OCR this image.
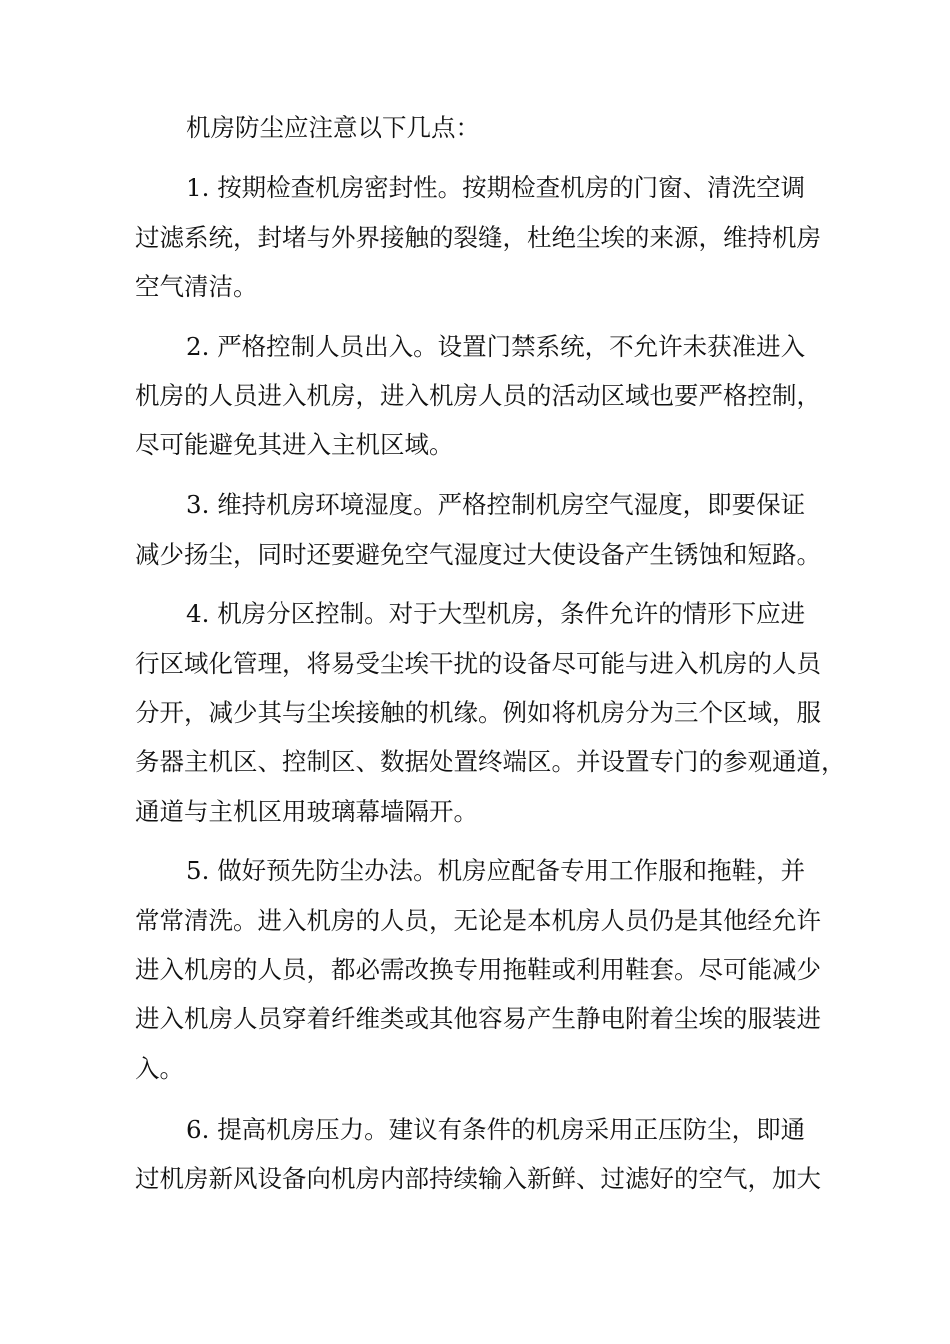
机房防尘应注意以下几点：
1. 按期检查机房密封性。按期检查机房的门窗、清洗空调
过滤系统，封堵与外界接触的裂缝，杜绝尘埃的来源，维持机房
空气清洁。
2. 严格控制人员出入。设置门禁系统，不允许未获准进入
机房的人员进入机房，进入机房人员的活动区域也要严格控制，
尽可能避免其进入主机区域。
3. 维持机房环境湿度。严格控制机房空气湿度，即要保证
减少扬尘，同时还要避免空气湿度过大使设备产生锈蚀和短路。
4. 机房分区控制。对于大型机房，条件允许的情形下应进
行区域化管理，将易受尘埃干扰的设备尽可能与进入机房的人员
分开，减少其与尘埃接触的机缘。例如将机房分为三个区域，服
务器主机区、控制区、数据处置终端区。并设置专门的参观通道，
通道与主机区用玻璃幕墙隔开。
5. 做好预先防尘办法。机房应配备专用工作服和拖鞋，并
常常清洗。进入机房的人员，无论是本机房人员仍是其他经允许
进入机房的人员，都必需改换专用拖鞋或利用鞋套。尽可能减少
进入机房人员穿着纤维类或其他容易产生静电附着尘埃的服装进
入。
6. 提高机房压力。建议有条件的机房采用正压防尘，即通
过机房新风设备向机房内部持续输入新鲜、过滤好的空气，加大
